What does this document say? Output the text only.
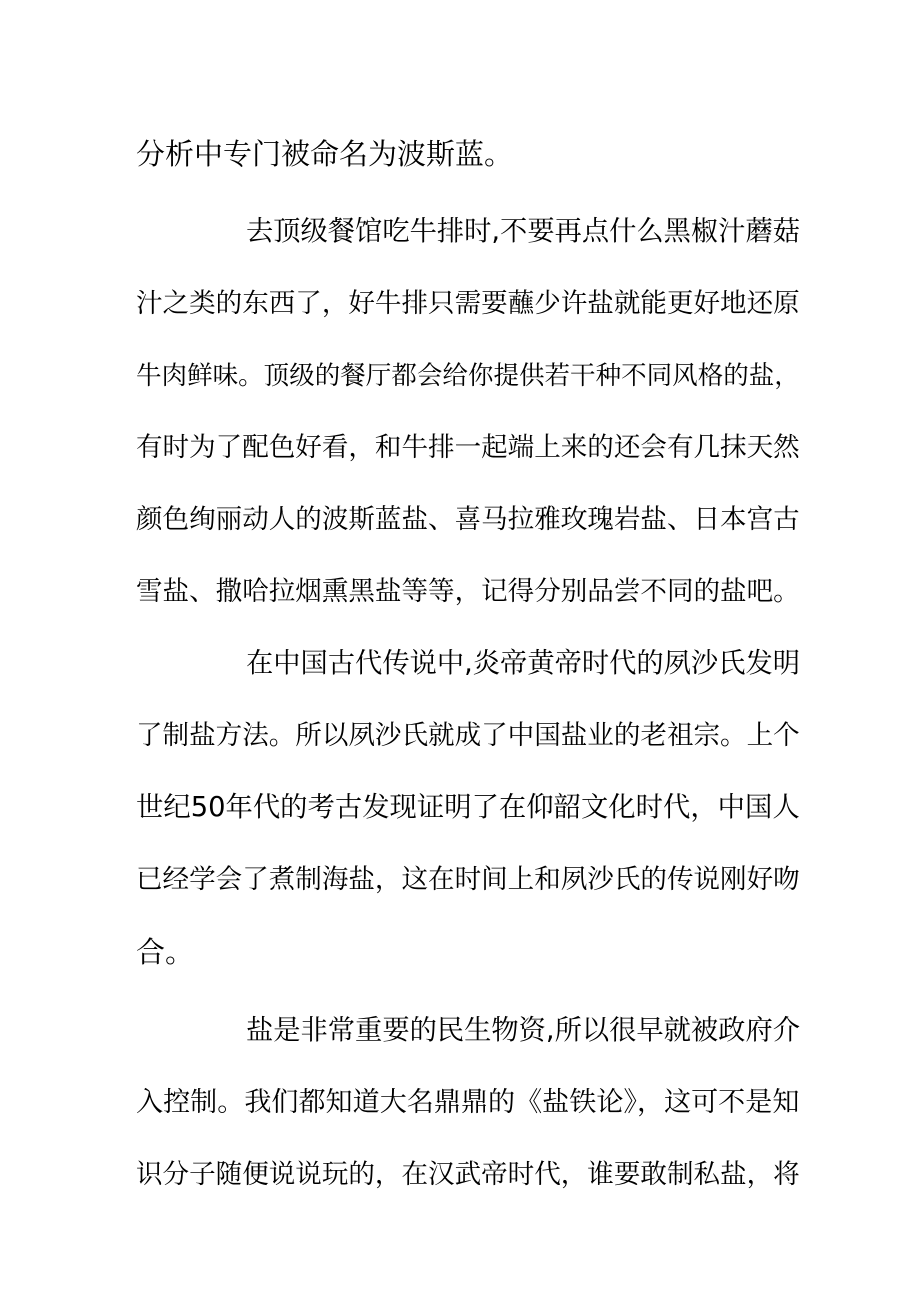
分析中专门被命名为波斯蓝。
去顶级餐馆吃牛排时,不要再点什么黑椒汁蘑菇
汁之类的东西了，好牛排只需要蘸少许盐就能更好地还原
牛肉鲜味。顶级的餐厅都会给你提供若干种不同风格的盐，
有时为了配色好看，和牛排一起端上来的还会有几抹天然
颜色绚丽动人的波斯蓝盐、喜马拉雅玫瑰岩盐、日本宫古
雪盐、撒哈拉烟熏黑盐等等，记得分别品尝不同的盐吧。
在中国古代传说中,炎帝黄帝时代的夙沙氏发明
了制盐方法。所以夙沙氏就成了中国盐业的老祖宗。上个
世纪50年代的考古发现证明了在仰韶文化时代，中国人
已经学会了煮制海盐，这在时间上和夙沙氏的传说刚好吻
合。
盐是非常重要的民生物资,所以很早就被政府介
入控制。我们都知道大名鼎鼎的《盐铁论》，这可不是知
识分子随便说说玩的，在汉武帝时代，谁要敢制私盐，将
